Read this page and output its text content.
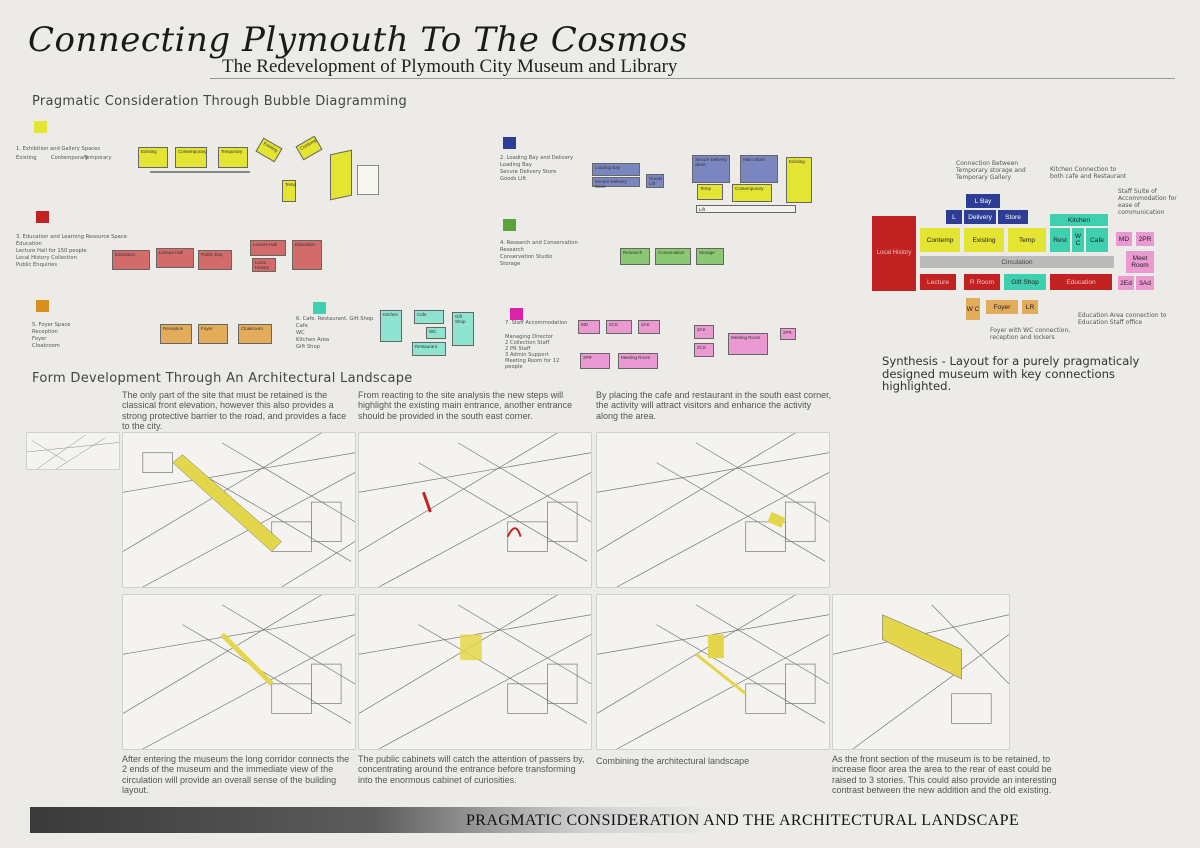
Connecting Plymouth To The Cosmos
The Redevelopment of Plymouth City Museum and Library
Pragmatic Consideration Through Bubble Diagramming
1. Exhibition and Gallery Spaces
Existing	Contemporary
Temporary
Existing	Contemporary	Temporary	Existing	Contemp
Temp
2. Loading Bay and Delivery
Loading Bay
Secure Delivery Store
Goods Lift
Loading Bay
Secure Delivery Store
Goods Lift
Secure Delivery Store
Main Store
Temp	Contemporary
Existing
Lift
3. Education and Learning Resource Space
Education
Lecture Hall for 150 people
Local History Collection
Public Enquiries
Education	Lecture Hall	Public Enq
Lecture Hall
Local History
Education	4. Research and Conservation
Research
Conservation Studio
Storage
Research	Conservation	Storage
5. Foyer Space
Reception
Foyer
Cloakroom
Reception	Foyer	Cloakroom
6. Cafe, Restaurant, Gift Shop
Cafe
WC
Kitchen Area
Gift Shop
Kitchen	Cafe	Gift Shop
Restaurant
WC
7. Staff Accommodation
Managing Director
2 Collection Staff
2 PR Staff
3 Admin Support
Meeting Room for 12 people
MD	2CS	3AS
2PR	Meeting Room
3AS
2CS
Meeting Room
2PR
Connection Between Temporary storage and Temporary Gallery
Kitchen Connection to both cafe and Restaurant
Staff Suite of Accommodation for ease of communication
Local History
L Bay
L	Delivery	Store	Kitchen
Contemp	Existing	Temp	Rest	W C	Cafe	MD	2PR
Meet Room
Circulation
Lecture	R Room	Gift Shop	Education	2Ed	3Ad
W C	Foyer	LR
Education Area connection to Education Staff office
Foyer with WC connection, reception and lockers
Synthesis - Layout for a purely pragmaticaly designed museum with key connections highlighted.
Form Development Through An Architectural Landscape
The only part of the site that must be retained is the classical front elevation, however this also provides a strong protective barrier to the road, and provides a face to the city.
From reacting to the site analysis the new steps will highlight the existing main entrance, another entrance should be provided in the south east corner.
By placing the cafe and restaurant in the south east corner, the activity will attract visitors and enhance the activity along the area.
After entering the museum the long corridor connects the 2 ends of the museum and the immediate view of the circulation will provide an overall sense of the building layout.
The public cabinets will catch the attention of passers by, concentrating around the entrance before transforming into the enormous cabinet of curiosities.
Combining the architectural landscape	As the front section of the museum is to be retained, to increase floor area the area to the rear of east could be raised to 3 stories. This could also provide an interesting contrast between the new addition and the old existing.
PRAGMATIC CONSIDERATION AND THE ARCHITECTURAL LANDSCAPE
